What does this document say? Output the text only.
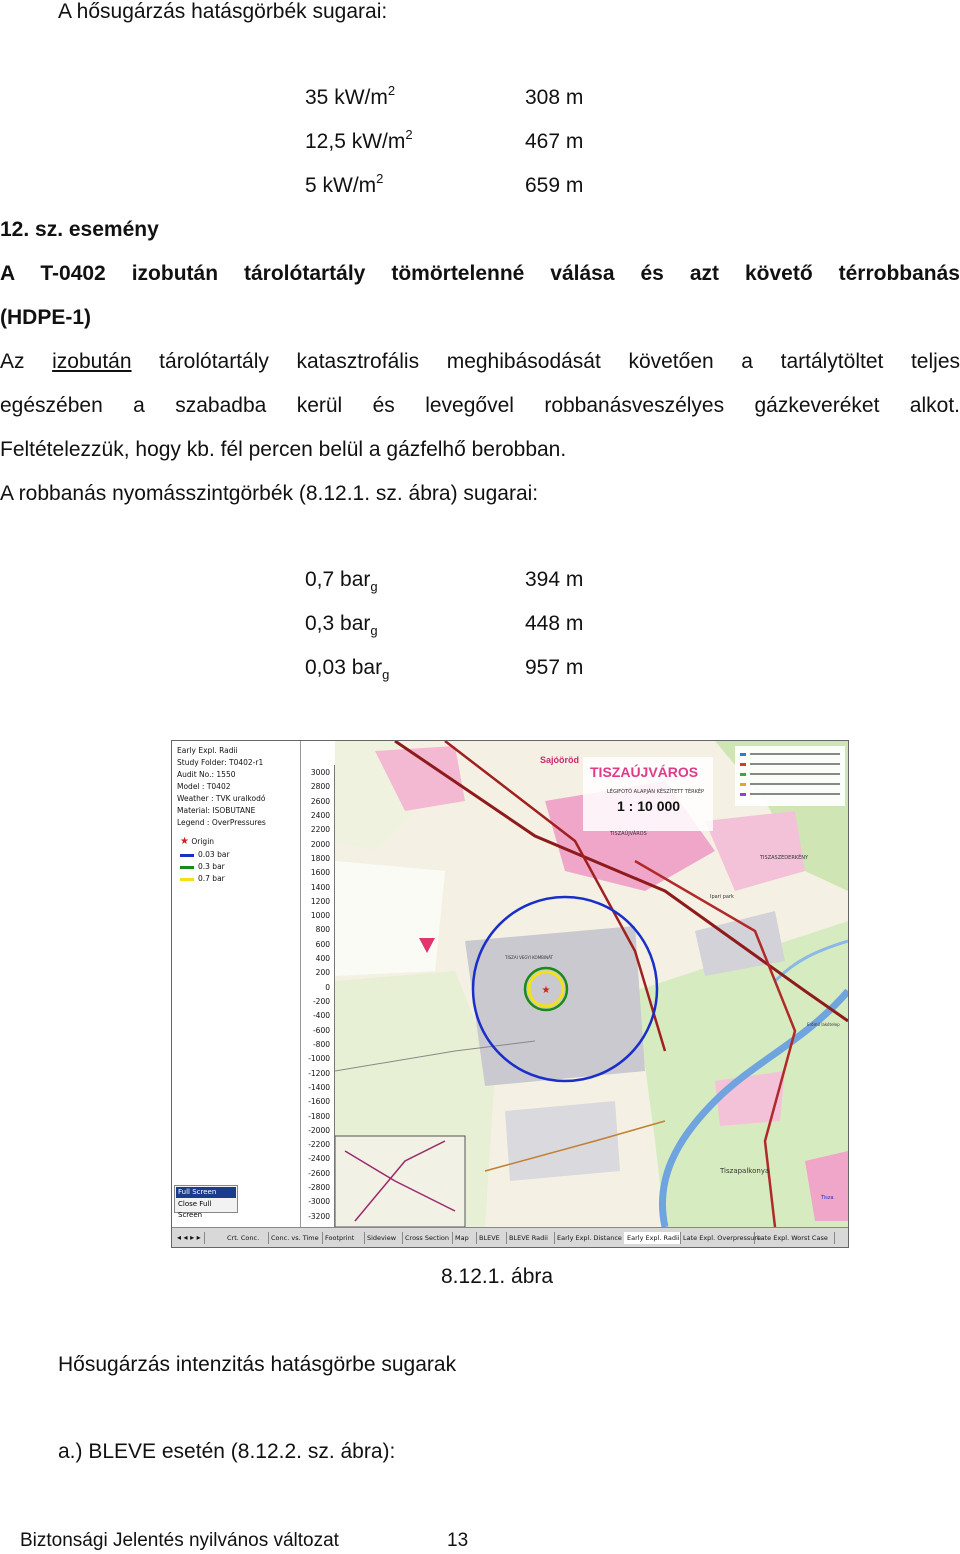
A hősugárzás hatásgörbék sugarai:
35 $kW/m^2$	308 m
12,5 $kW/m^2$	467 m
5 $kW/m^2$	659 m
12. sz. esemény
A T-0402 izobután tárolótartály tömörtelenné válása és azt követő térrobbanás
(HDPE-1)
Az izobután tárolótartály katasztrofális meghibásodását követően a tartálytöltet teljes
egészében a szabadba kerül és levegővel robbanásveszélyes gázkeveréket alkot.
Feltételezzük, hogy kb. fél percen belül a gázfelhő berobban.
A robbanás nyomásszintgörbék (8.12.1. sz. ábra) sugarai:
0,7 bar$_g$	394 m
0,3 bar$_g$	448 m
0,03 bar$_g$	957 m
Early Expl. Radii
Study Folder: T0402-r1
Audit No.: 1550
Model : T0402
Weather : TVK uralkodó
Material: ISOBUTANE
Legend : OverPressures
★ Origin
0.03 bar
0.3 bar
0.7 bar
Full Screen
Close Full Screen
3000
2800
2600
2400
2200
2000
1800
1600
1400
1200
1000
800
600
400
200
0
-200
-400
-600
-800
-1000
-1200
-1400
-1600
-1800
-2000
-2200
-2400
-2600
-2800
-3000
-3200
★
TISZAÚJVÁROS
LÉGIFOTÓ ALAPJÁN KÉSZÍTETT TÉRKÉP
1 : 10 000
Sajóöröd
TISZAÚJVÁROS
TISZASZEDERKÉNY
Ipari park
Tiszapalkonya
Erőmű lakótelep
TISZAI VEGYI KOMBINÁT
Tisza
◂ ◂ ▸ ▸	Crt. Conc.	Conc. vs. Time Footprint	Sideview	Cross Section Map	BLEVE	BLEVE Radii	Early Expl. Distance Early Expl. Radii Late Expl. Overpressure
Late Expl. Worst Case
8.12.1. ábra
Hősugárzás intenzitás hatásgörbe sugarak
a.) BLEVE esetén (8.12.2. sz. ábra):
Biztonsági Jelentés nyilvános változat	13
